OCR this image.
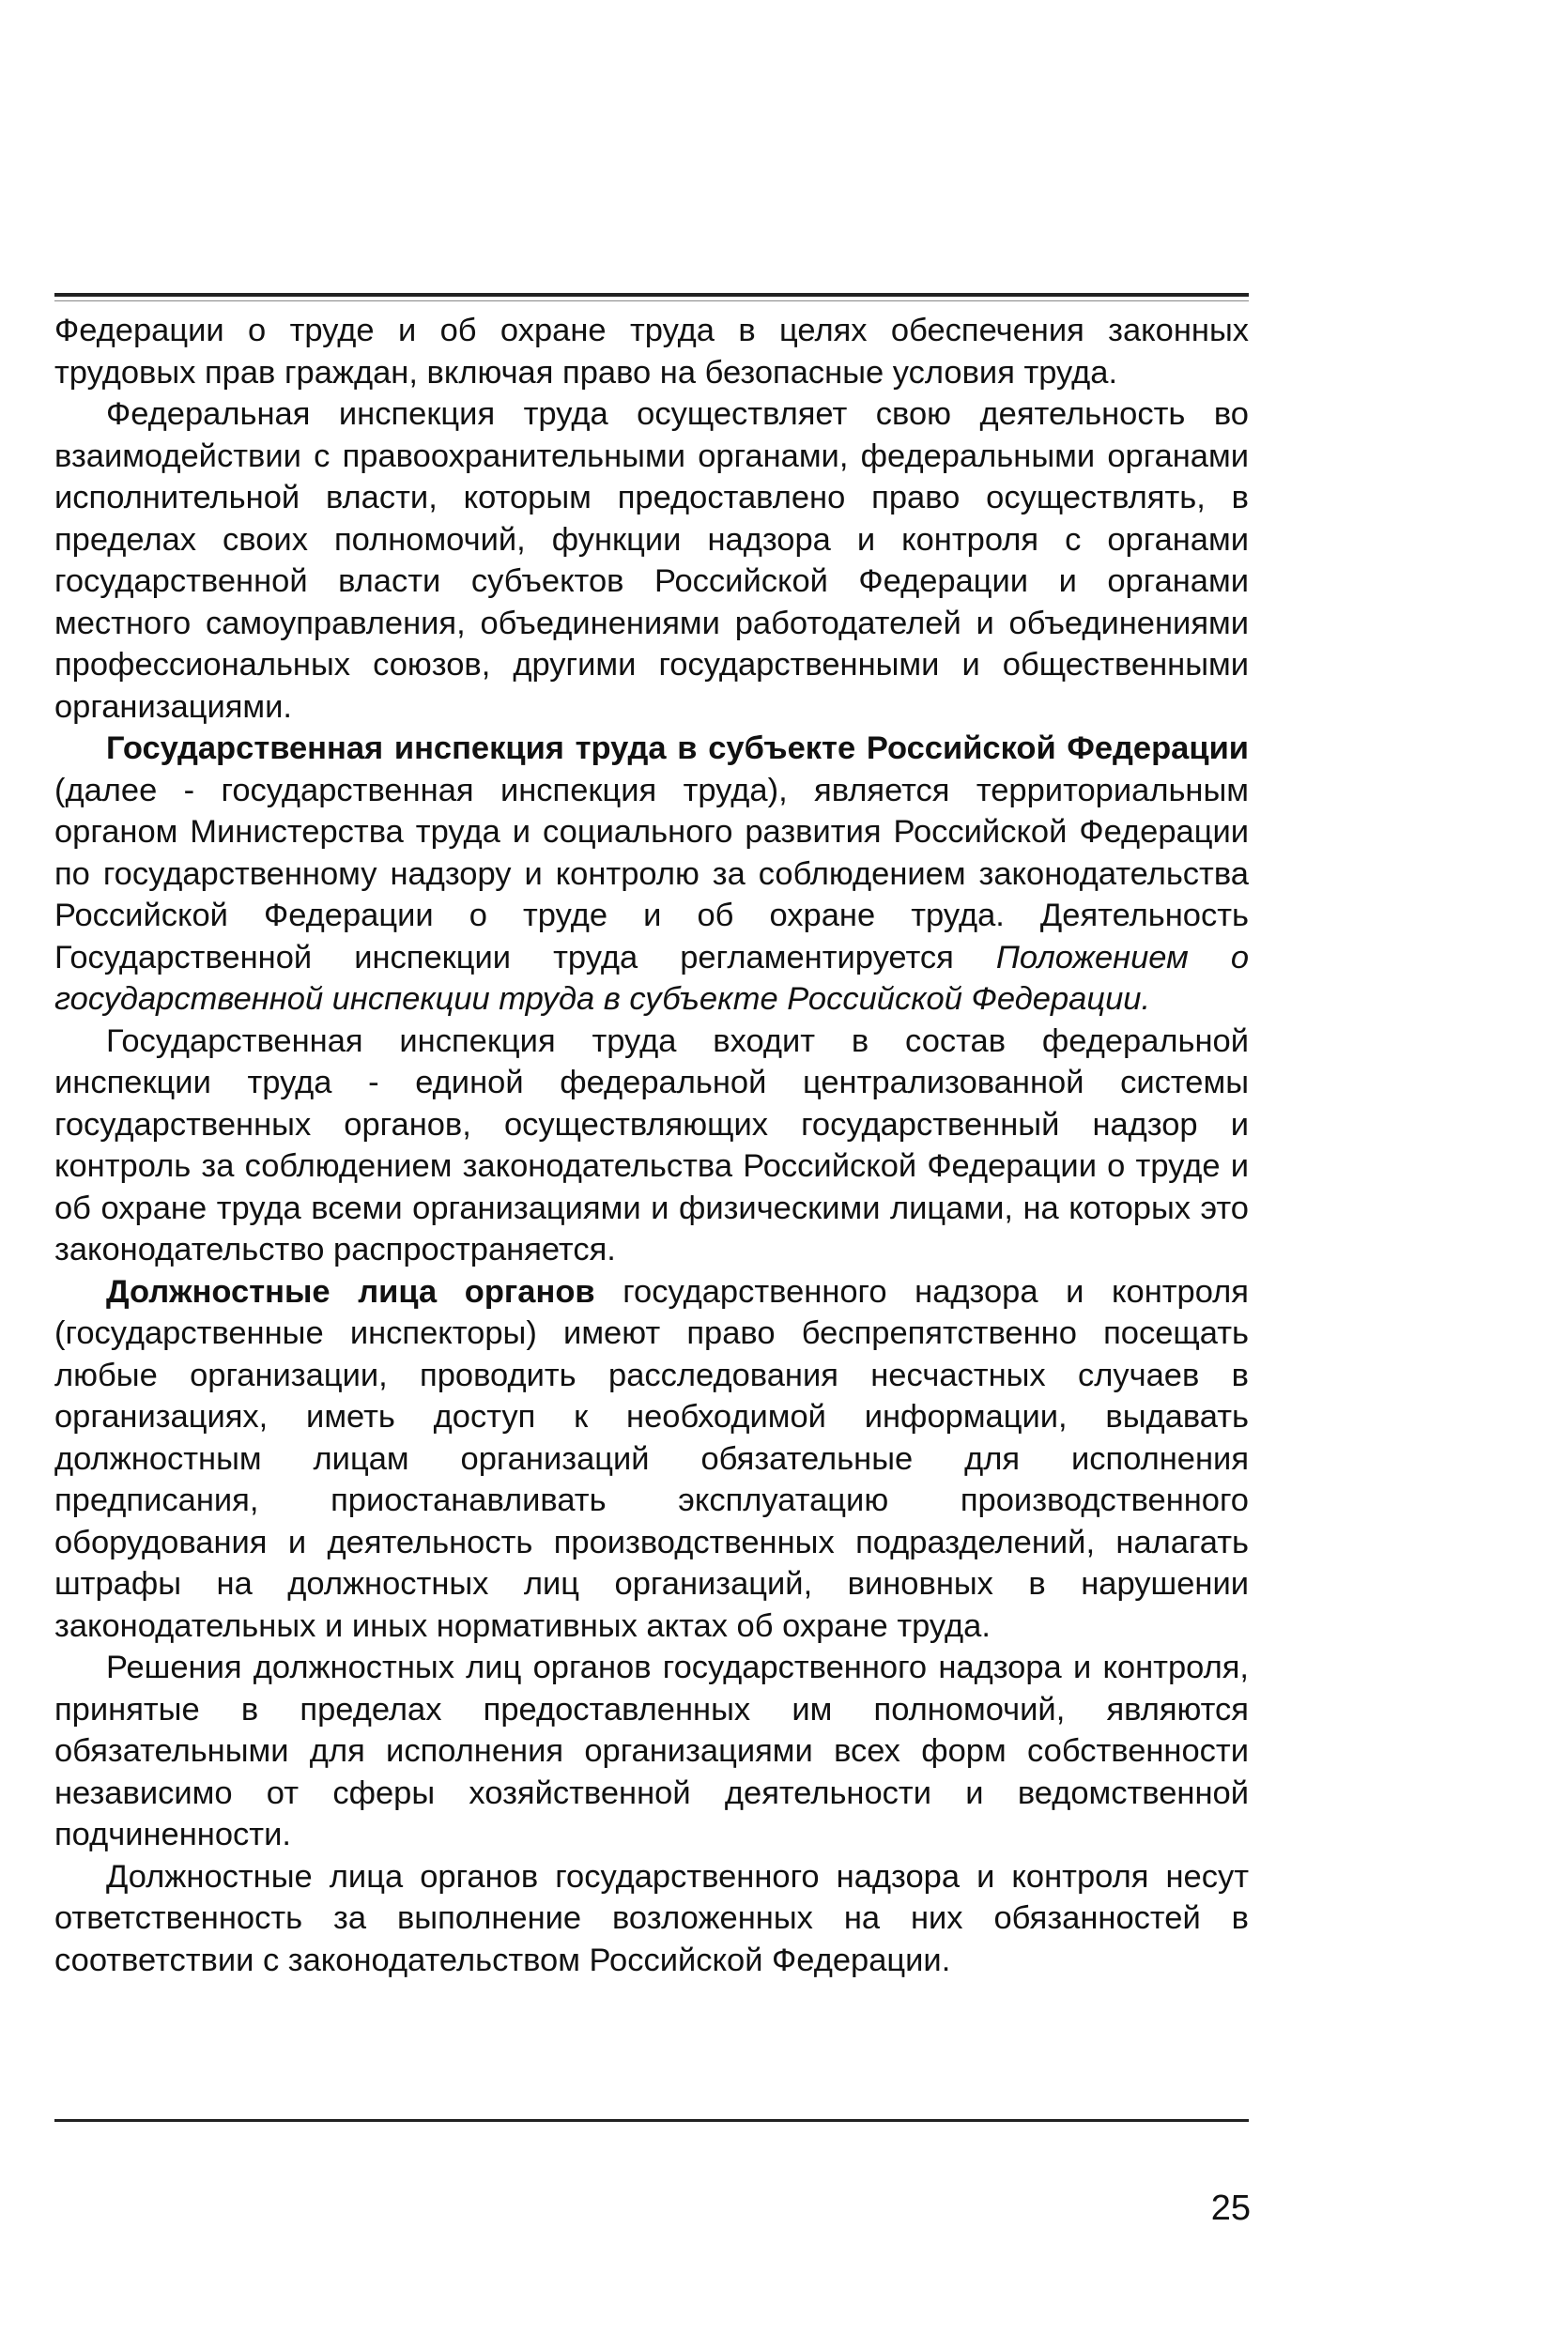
Федерации о труде и об охране труда в целях обеспечения законных трудовых прав граждан, включая право на безопасные условия труда.

Федеральная инспекция труда осуществляет свою деятельность во взаимодействии с правоохранительными органами, федеральными органами исполнительной власти, которым предоставлено право осуществлять, в пределах своих полномочий, функции надзора и контроля с органами государственной власти субъектов Российской Федерации и органами местного самоуправления, объединениями работодателей и объединениями профессиональных союзов, другими государственными и общественными организациями.

Государственная инспекция труда в субъекте Российской Федерации (далее - государственная инспекция труда), является территориальным органом Министерства труда и социального развития Российской Федерации по государственному надзору и контролю за соблюдением законодательства Российской Федерации о труде и об охране труда. Деятельность Государственной инспекции труда регламентируется Положением о государственной инспекции труда в субъекте Российской Федерации.

Государственная инспекция труда входит в состав федеральной инспекции труда - единой федеральной централизованной системы государственных органов, осуществляющих государственный надзор и контроль за соблюдением законодательства Российской Федерации о труде и об охране труда всеми организациями и физическими лицами, на которых это законодательство распространяется.

Должностные лица органов государственного надзора и контроля (государственные инспекторы) имеют право беспрепятственно посещать любые организации, проводить расследования несчастных случаев в организациях, иметь доступ к необходимой информации, выдавать должностным лицам организаций обязательные для исполнения предписания, приостанавливать эксплуатацию производственного оборудования и деятельность производственных подразделений, налагать штрафы на должностных лиц организаций, виновных в нарушении законодательных и иных нормативных актах об охране труда.

Решения должностных лиц органов государственного надзора и контроля, принятые в пределах предоставленных им полномочий, являются обязательными для исполнения организациями всех форм собственности независимо от сферы хозяйственной деятельности и ведомственной подчиненности.

Должностные лица органов государственного надзора и контроля несут ответственность за выполнение возложенных на них обязанностей в соответствии с законодательством Российской Федерации.

25
